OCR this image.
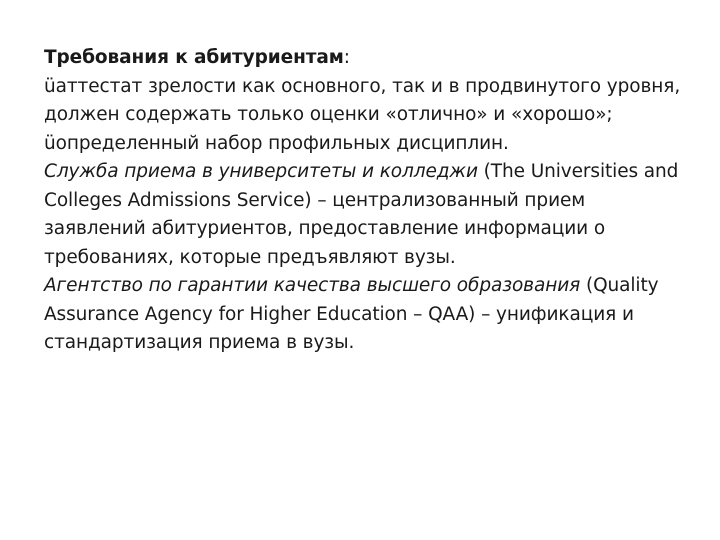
Требования к абитуриентам:

üаттестат зрелости как основного, так и в продвинутого уровня, должен содержать только оценки «отлично» и «хорошо»;

üопределенный набор профильных дисциплин.

Служба приема в университеты и колледжи (The Universities and Colleges Admissions Service) – централизованный прием заявлений абитуриентов, предоставление информации о требованиях, которые предъявляют вузы.

Агентство по гарантии качества высшего образования (Quality Assurance Agency for Higher Education – QAA) – унификация и стандартизация приема в вузы.
